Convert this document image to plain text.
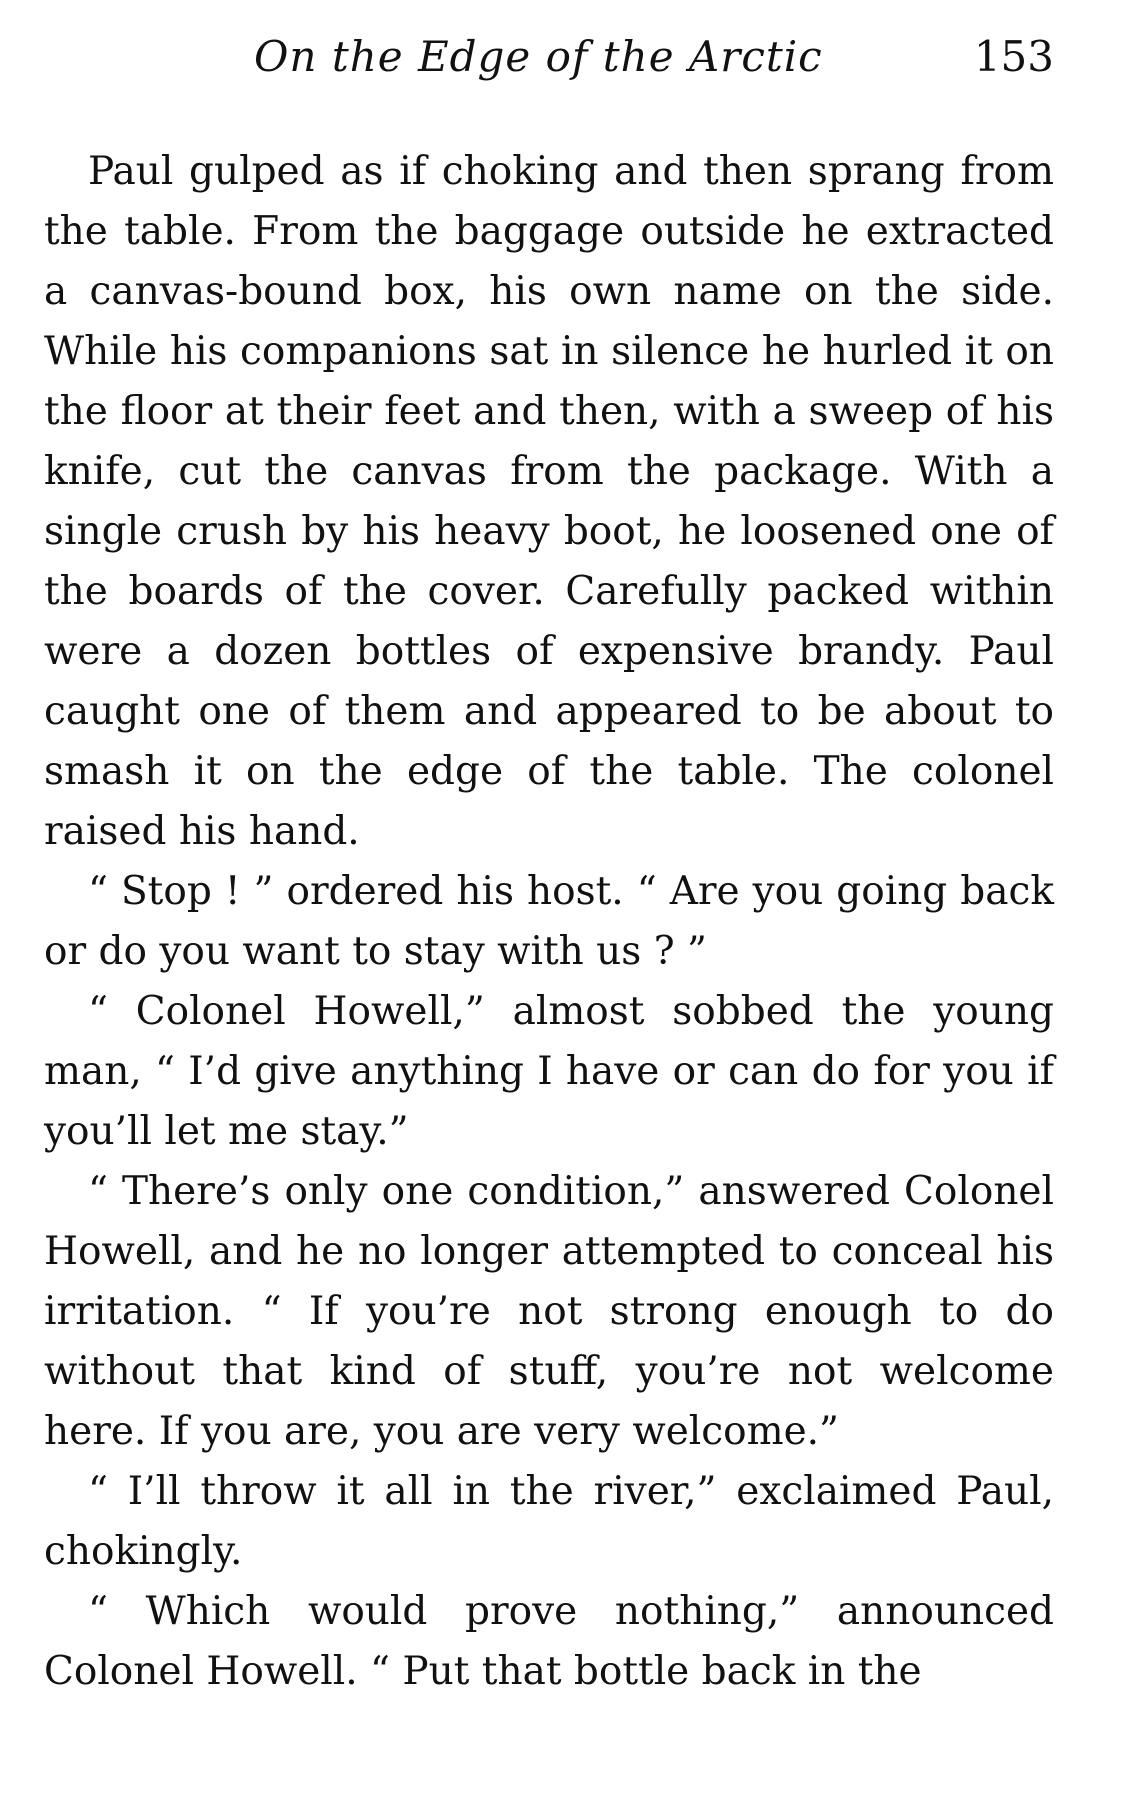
On the Edge of the Arctic	153

Paul gulped as if choking and then sprang from the table. From the baggage outside he extracted a canvas-bound box, his own name on the side. While his companions sat in silence he hurled it on the floor at their feet and then, with a sweep of his knife, cut the canvas from the package. With a single crush by his heavy boot, he loosened one of the boards of the cover. Carefully packed within were a dozen bottles of expensive brandy. Paul caught one of them and appeared to be about to smash it on the edge of the table. The colonel raised his hand.

“ Stop ! ” ordered his host. “ Are you going back or do you want to stay with us ? ”

“ Colonel Howell,” almost sobbed the young man, “ I’d give anything I have or can do for you if you’ll let me stay.”

“ There’s only one condition,” answered Colonel Howell, and he no longer attempted to conceal his irritation. “ If you’re not strong enough to do without that kind of stuff, you’re not welcome here. If you are, you are very welcome.”

“ I’ll throw it all in the river,” exclaimed Paul, chokingly.

“ Which would prove nothing,” announced Colonel Howell. “ Put that bottle back in the
